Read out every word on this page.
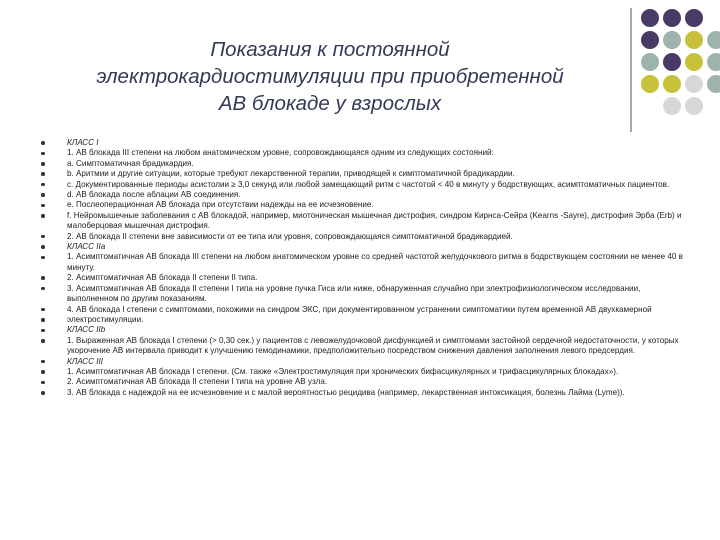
Показания к постоянной
электрокардиостимуляции при приобретенной
АВ блокаде у взрослых
КЛАСС I
1. АВ блокада III степени на любом анатомическом уровне, сопровождающаяся одним из следующих состояний:
a. Симптоматичная брадикардия.
b. Аритмии и другие ситуации, которые требуют лекарственной терапии, приводящей к симптоматичной брадикардии.
c. Документированные периоды асистолии ≥ 3,0 секунд или любой замещающий ритм с частотой < 40 в минуту у бодрствующих, асимптоматичных пациентов.
d. АВ блокада после аблации АВ соединения.
e. Послеоперационная АВ блокада при отсутствии надежды на ее исчезновение.
f. Нейромышечные заболевания с АВ блокадой, например, миотоническая мышечная дистрофия, синдром Кирнса-Сейра (Kearns -Sayre), дистрофия Эрба (Erb) и малоберцовая мышечная дистрофия.
2. АВ блокада II степени вне зависимости от ее типа или уровня, сопровождающаяся симптоматичной брадикардией.
КЛАСС IIa
1. Асимптоматичная АВ блокада III степени на любом анатомическом уровне со средней частотой желудочкового ритма в бодрствующем состоянии не менее 40 в минуту.
2. Асимптоматичная АВ блокада II степени II типа.
3. Асимптоматичная АВ блокада II степени I типа на уровне пучка Гиса или ниже, обнаруженная случайно при электрофизиологическом исследовании, выполненном по другим показаниям.
4. АВ блокада I степени с симптомами, похожими на синдром ЭКС, при документированном устранении симптоматики путем временной АВ двухкамерной
электростимуляции.
КЛАСС IIb
1. Выраженная АВ блокада I степени (> 0,30 сек.) у пациентов с левожелудочковой дисфункцией и симптомами застойной сердечной недостаточности, у которых укорочение АВ интервала приводит к улучшению гемодинамики, предположительно посредством снижения давления заполнения левого предсердия.
КЛАСС III
1. Асимптоматичная АВ блокада I степени. (См. также «Электростимуляция при хронических бифасцикулярных и трифасцикулярных блокадах»).
2. Асимптоматичная АВ блокада II степени I типа на уровне АВ узла.
3. АВ блокада с надеждой на ее исчезновение и с малой вероятностью рецидива (например, лекарственная интоксикация, болезнь Лайма (Lyme)).
